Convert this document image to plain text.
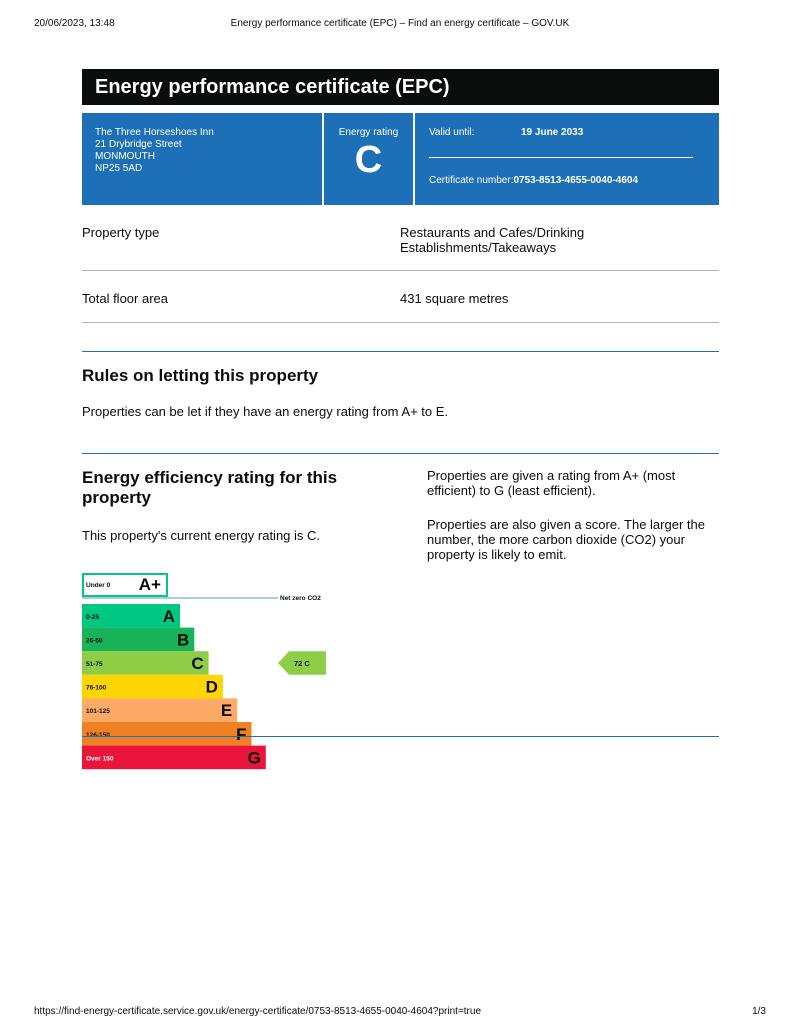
20/06/2023, 13:48	Energy performance certificate (EPC) – Find an energy certificate – GOV.UK
Energy performance certificate (EPC)
The Three Horseshoes Inn
21 Drybridge Street
MONMOUTH
NP25 5AD
Energy rating
C
Valid until:	19 June 2033
Certificate number:0753-8513-4655-0040-4604
Property type	Restaurants and Cafes/Drinking Establishments/Takeaways
Total floor area	431 square metres
Rules on letting this property

Properties can be let if they have an energy rating from A+ to E.

Energy efficiency rating for this property

This property's current energy rating is C.

Properties are given a rating from A+ (most efficient) to G (least efficient).

Properties are also given a score. The larger the number, the more carbon dioxide (CO2) your property is likely to emit.

Under 0 A+
Net zero CO2
0-25	A
26-50	B
51-75	C
76-100	D
101-125	E
126-150	F
Over 150	G
72 C
https://find-energy-certificate.service.gov.uk/energy-certificate/0753-8513-4655-0040-4604?print=true	1/3
